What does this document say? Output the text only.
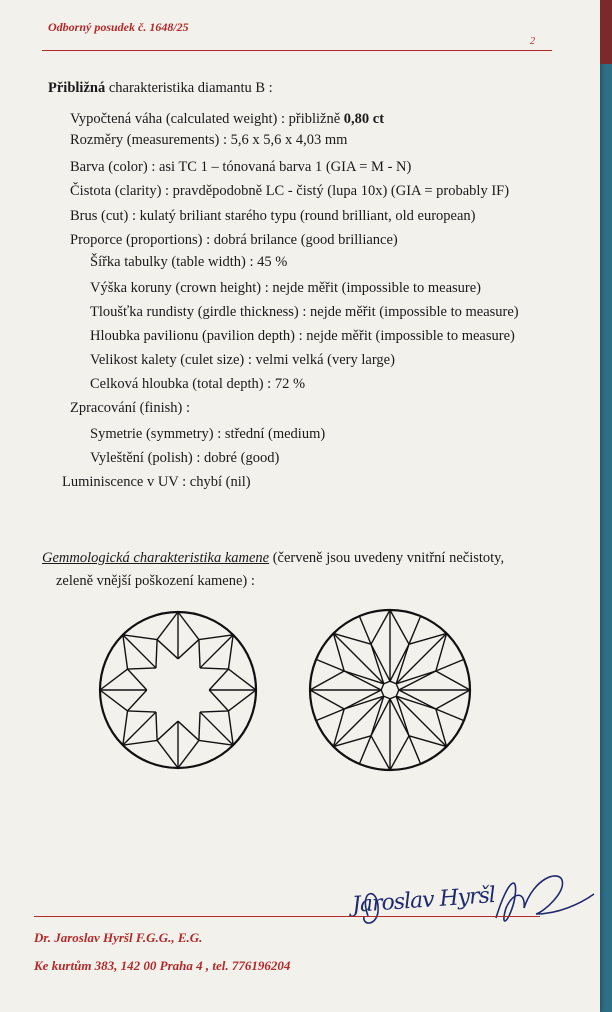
Odborný posudek č. 1648/25
2
Přibližná charakteristika diamantu B :
Vypočtená váha (calculated weight) : přibližně 0,80 ct
Rozměry (measurements) : 5,6 x 5,6 x 4,03 mm
Barva (color) : asi TC 1 – tónovaná barva 1 (GIA = M - N)
Čistota (clarity) : pravděpodobně LC - čistý (lupa 10x) (GIA = probably IF)
Brus (cut) : kulatý briliant starého typu (round brilliant, old european)
Proporce (proportions) : dobrá brilance (good brilliance)
Šířka tabulky (table width) : 45 %
Výška koruny (crown height) : nejde měřit (impossible to measure)
Tloušťka rundisty (girdle thickness) : nejde měřit (impossible to measure)
Hloubka pavilionu (pavilion depth) : nejde měřit (impossible to measure)
Velikost kalety (culet size) : velmi velká (very large)
Celková hloubka (total depth) : 72 %
Zpracování (finish) :
Symetrie (symmetry) : střední (medium)
Vyleštění (polish) : dobré (good)
Luminiscence v UV : chybí (nil)
Gemmologická charakteristika kamene (červeně jsou uvedeny vnitřní nečistoty,
zeleně vnější poškození kamene) :
Jaroslav Hyršl
Dr. Jaroslav Hyršl F.G.G., E.G.
Ke kurtům 383, 142 00 Praha 4 , tel. 776196204
